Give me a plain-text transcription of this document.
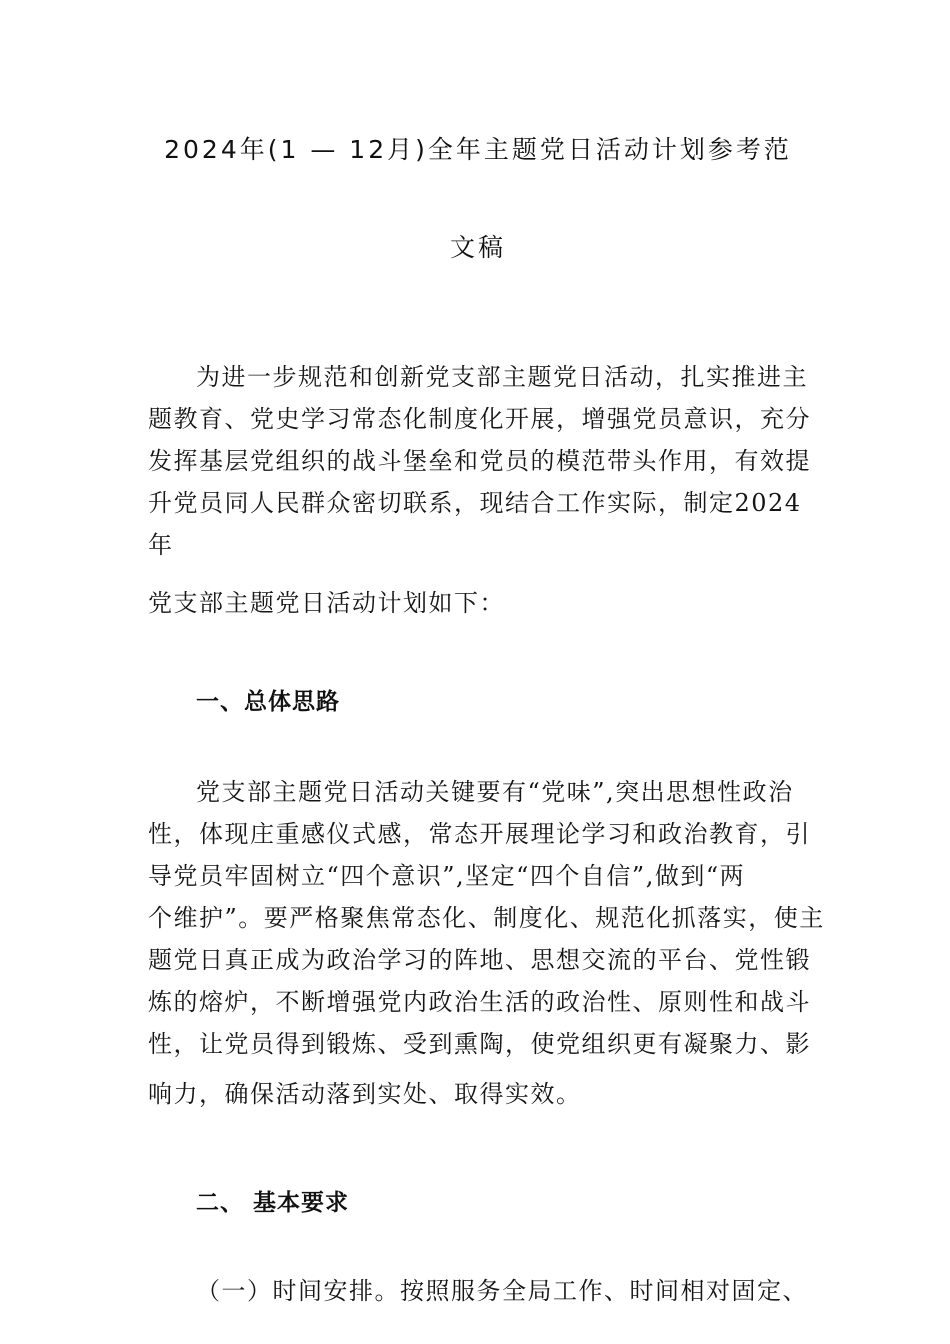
2024年(1 — 12月)全年主题党日活动计划参考范
文稿
为进一步规范和创新党支部主题党日活动，扎实推进主
题教育、党史学习常态化制度化开展，增强党员意识，充分
发挥基层党组织的战斗堡垒和党员的模范带头作用，有效提
升党员同人民群众密切联系，现结合工作实际，制定2024
年
党支部主题党日活动计划如下：
一、总体思路
党支部主题党日活动关键要有“党味”,突出思想性政治
性，体现庄重感仪式感，常态开展理论学习和政治教育，引
导党员牢固树立“四个意识”,坚定“四个自信”,做到“两
个维护”。要严格聚焦常态化、制度化、规范化抓落实，使主
题党日真正成为政治学习的阵地、思想交流的平台、党性锻
炼的熔炉，不断增强党内政治生活的政治性、原则性和战斗
性，让党员得到锻炼、受到熏陶，使党组织更有凝聚力、影
响力，确保活动落到实处、取得实效。
二、 基本要求
（一）时间安排。按照服务全局工作、时间相对固定、
